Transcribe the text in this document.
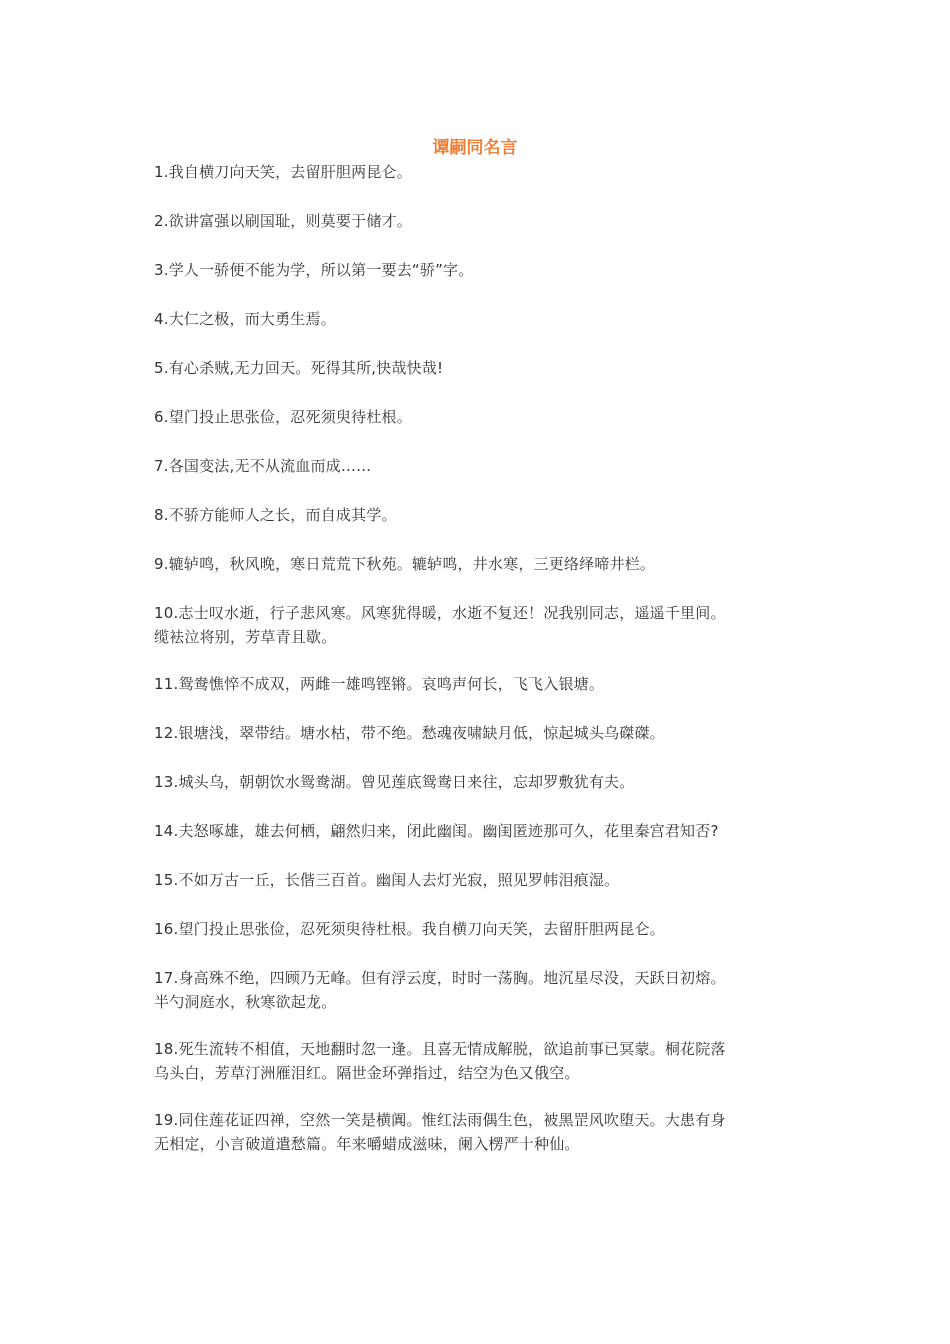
谭嗣同名言
1.我自横刀向天笑，去留肝胆两昆仑。
2.欲讲富强以刷国耻，则莫要于储才。
3.学人一骄便不能为学，所以第一要去“骄”字。
4.大仁之极，而大勇生焉。
5.有心杀贼,无力回天。死得其所,快哉快哉!
6.望门投止思张俭，忍死须臾待杜根。
7.各国变法,无不从流血而成……
8.不骄方能师人之长，而自成其学。
9.辘轳鸣，秋风晚，寒日荒荒下秋苑。辘轳鸣，井水寒，三更络绎啼井栏。
10.志士叹水逝，行子悲风寒。风寒犹得暖，水逝不复还！况我别同志，遥遥千里间。
缆袪泣将别，芳草青且歇。
11.鸳鸯憔悴不成双，两雌一雄鸣铿锵。哀鸣声何长，飞飞入银塘。
12.银塘浅，翠带结。塘水枯，带不绝。愁魂夜啸缺月低，惊起城头乌磔磔。
13.城头乌，朝朝饮水鸳鸯湖。曾见莲底鸳鸯日来往，忘却罗敷犹有夫。
14.夫怒啄雄，雄去何栖，翩然归来，闭此幽闺。幽闺匿迹那可久，花里秦宫君知否?
15.不如万古一丘，长偕三百首。幽闺人去灯光寂，照见罗帏泪痕湿。
16.望门投止思张俭，忍死须臾待杜根。我自横刀向天笑，去留肝胆两昆仑。
17.身高殊不绝，四顾乃无峰。但有浮云度，时时一荡胸。地沉星尽没，天跃日初熔。
半勺洞庭水，秋寒欲起龙。
18.死生流转不相值，天地翻时忽一逢。且喜无情成解脱，欲追前事已冥蒙。桐花院落
乌头白，芳草汀洲雁泪红。隔世金环弹指过，结空为色又俄空。
19.同住莲花证四禅，空然一笑是横阗。惟红法雨偶生色，被黑罡风吹堕天。大患有身
无相定，小言破道遣愁篇。年来嚼蜡成滋味，阑入楞严十种仙。
